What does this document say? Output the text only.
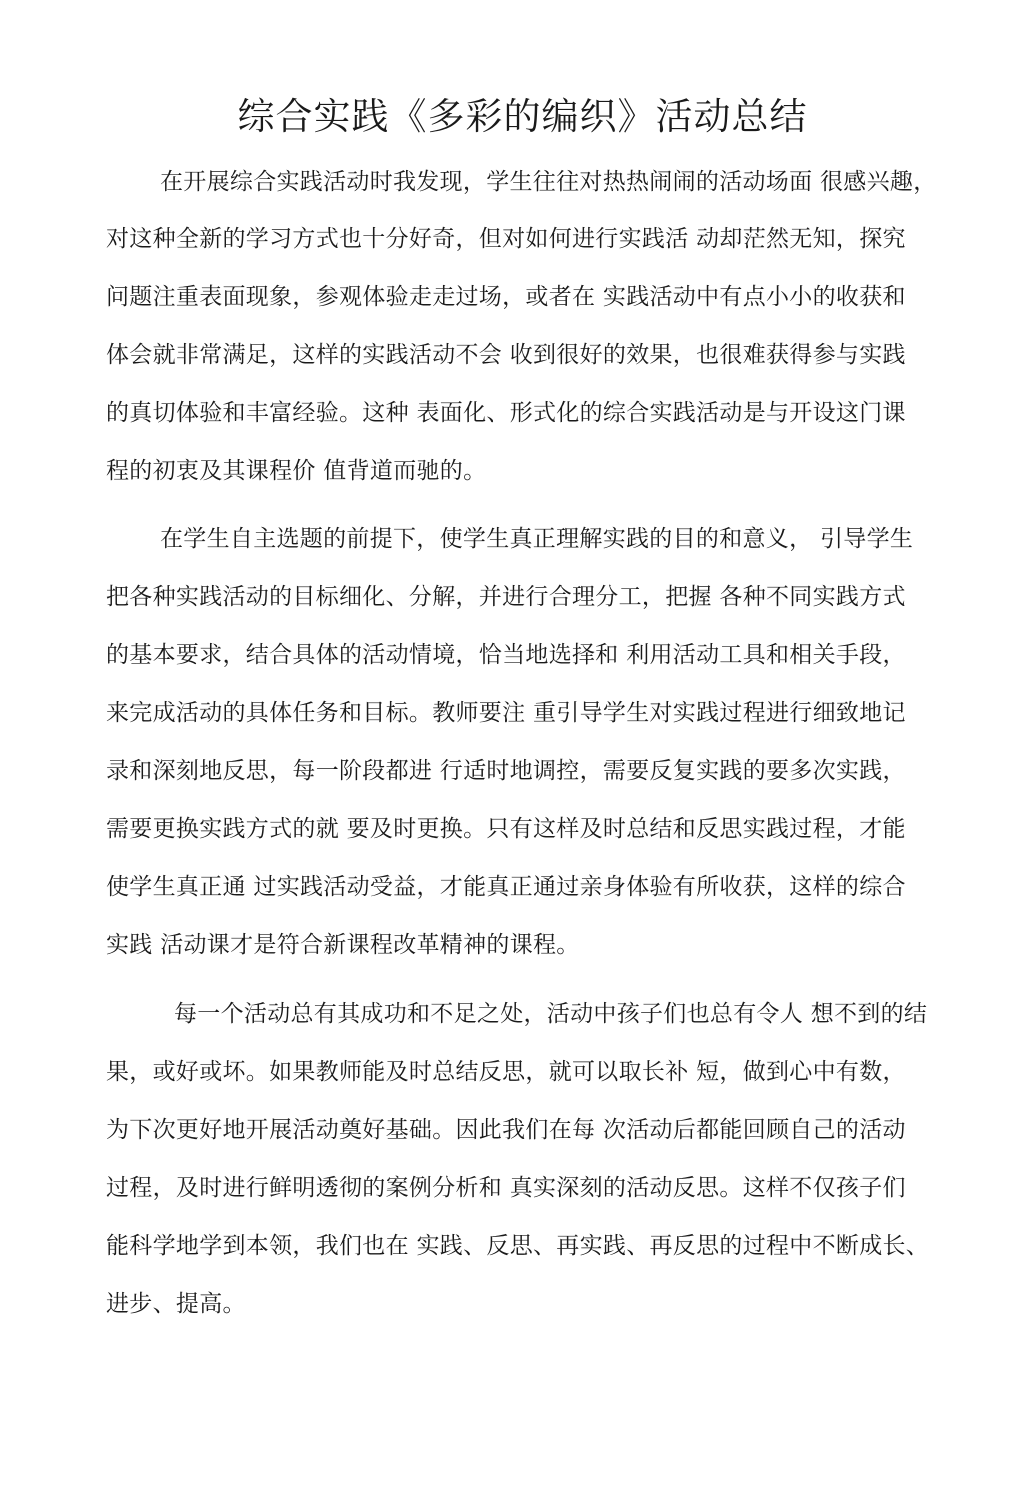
综合实践《多彩的编织》活动总结

在开展综合实践活动时我发现，学生往往对热热闹闹的活动场面 很感兴趣，

对这种全新的学习方式也十分好奇，但对如何进行实践活 动却茫然无知，探究

问题注重表面现象，参观体验走走过场，或者在 实践活动中有点小小的收获和

体会就非常满足，这样的实践活动不会 收到很好的效果，也很难获得参与实践

的真切体验和丰富经验。这种 表面化、形式化的综合实践活动是与开设这门课

程的初衷及其课程价 值背道而驰的。

在学生自主选题的前提下，使学生真正理解实践的目的和意义， 引导学生

把各种实践活动的目标细化、分解，并进行合理分工，把握 各种不同实践方式

的基本要求，结合具体的活动情境，恰当地选择和 利用活动工具和相关手段，

来完成活动的具体任务和目标。教师要注 重引导学生对实践过程进行细致地记

录和深刻地反思，每一阶段都进 行适时地调控，需要反复实践的要多次实践，

需要更换实践方式的就 要及时更换。只有这样及时总结和反思实践过程，才能

使学生真正通 过实践活动受益，才能真正通过亲身体验有所收获，这样的综合

实践 活动课才是符合新课程改革精神的课程。

每一个活动总有其成功和不足之处，活动中孩子们也总有令人 想不到的结

果，或好或坏。如果教师能及时总结反思，就可以取长补 短，做到心中有数，

为下次更好地开展活动奠好基础。因此我们在每 次活动后都能回顾自己的活动

过程，及时进行鲜明透彻的案例分析和 真实深刻的活动反思。这样不仅孩子们

能科学地学到本领，我们也在 实践、反思、再实践、再反思的过程中不断成长、

进步、提高。
